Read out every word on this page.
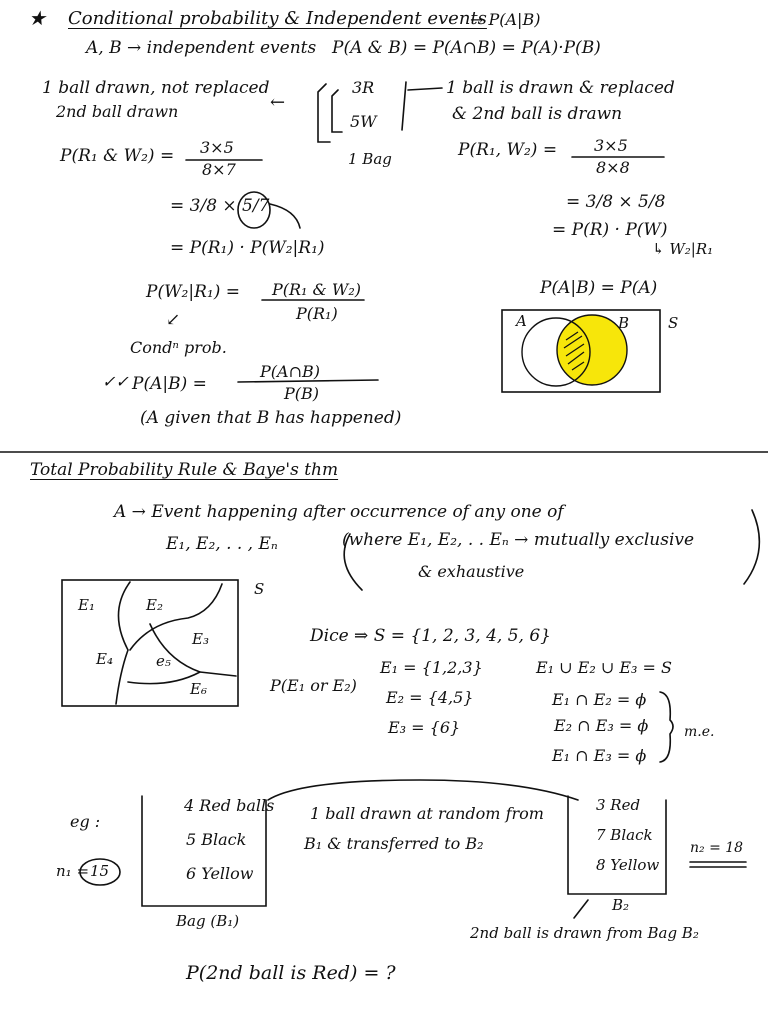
★ Conditional probability & Independent events
→ P(A|B)
A, B → independent events P(A & B) = P(A∩B) = P(A)·P(B)
1 ball drawn, not replaced
2nd ball drawn	←
3R
5W
1 Bag
1 ball is drawn & replaced
& 2nd ball is drawn
P(R₁ & W₂) = 3×5
8×7
= 3/8 × 5/7
= P(R₁) · P(W₂|R₁)
P(W₂|R₁) = P(R₁ & W₂)
P(R₁)
↙
Condⁿ prob.
✓✓ P(A|B) =
P(A∩B)
P(B)
(A given that B has happened)
P(R₁, W₂) = 3×5
8×8
= 3/8 × 5/8
= P(R) · P(W)
↳ W₂|R₁
P(A|B) = P(A)
A	B	S
Total Probability Rule & Baye's thm
A → Event happening after occurrence of any one of
E₁, E₂, . . , Eₙ	(where E₁, E₂, . . Eₙ → mutually exclusive
& exhaustive
S
E₁	E₂
E₃
E₄	e₅
E₆
Dice ⇒ S = {1, 2, 3, 4, 5, 6}
P(E₁ or E₂)
E₁ = {1,2,3}
E₂ = {4,5}
E₃ = {6}
E₁ ∪ E₂ ∪ E₃ = S
E₁ ∩ E₂ = ϕ
E₂ ∩ E₃ = ϕ
E₁ ∩ E₃ = ϕ
m.e.
eg :
n₁ = 15
4 Red balls
5 Black
6 Yellow
Bag (B₁)
1 ball drawn at random from
B₁ & transferred to B₂
3 Red
7 Black
8 Yellow
B₂
n₂ = 18
2nd ball is drawn from Bag B₂
P(2nd ball is Red) = ?
